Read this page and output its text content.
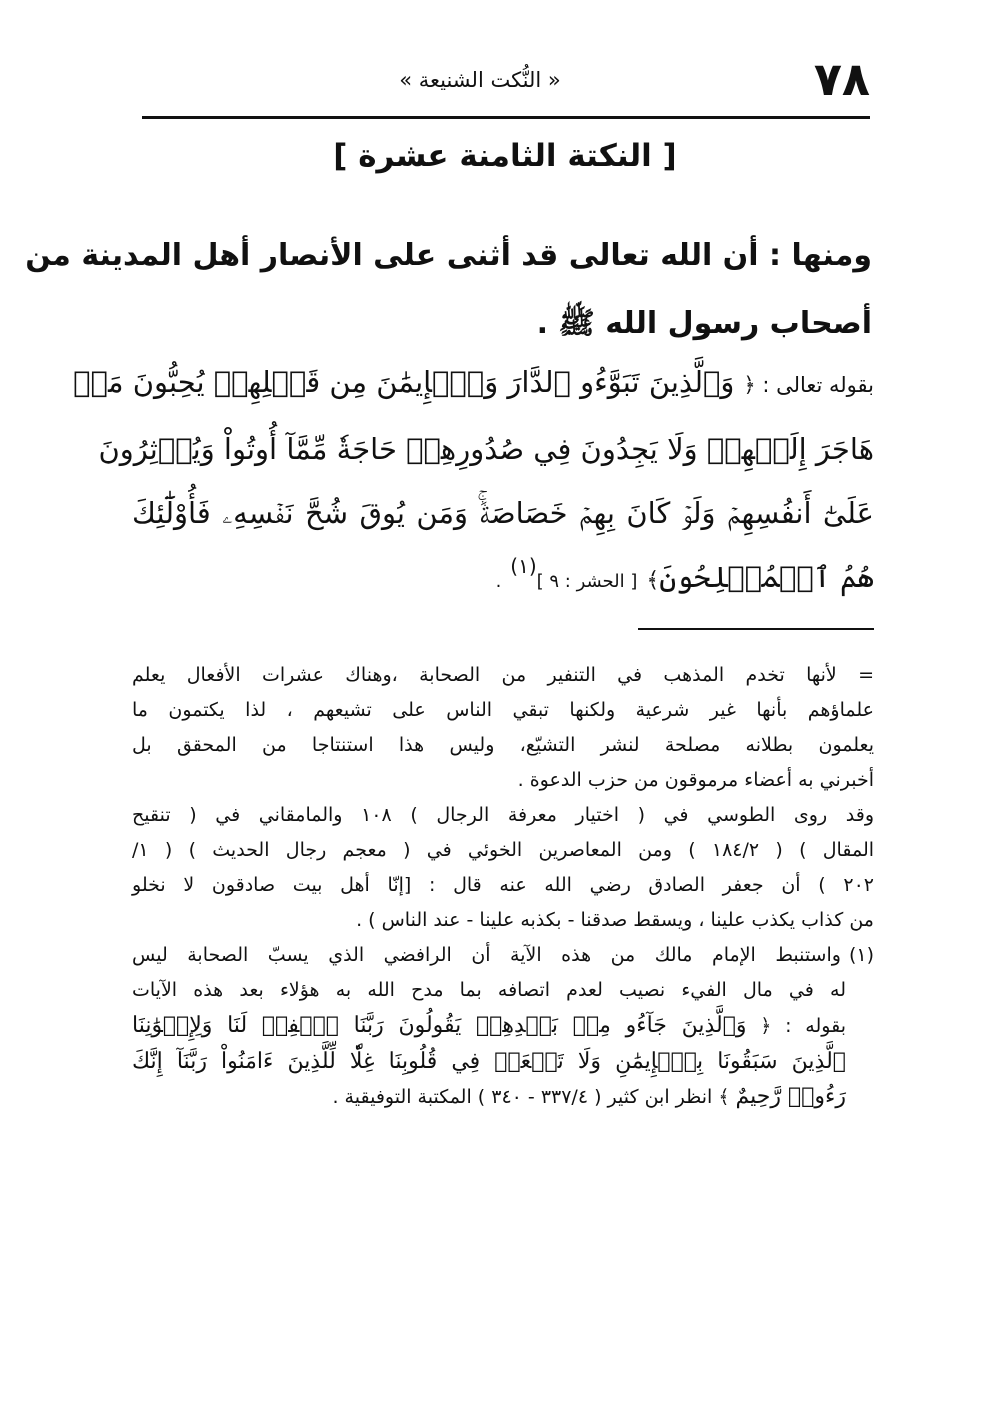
٧٨
« النُّكت الشنيعة »
[ النكتة الثامنة عشرة ]
ومنها : أن الله تعالى قد أثنى على الأنصار أهل المدينة من
أصحاب رسول الله ﷺ .
بقوله تعالى : ﴿ وَٱلَّذِينَ تَبَوَّءُو ٱلدَّارَ وَٱلۡإِيمَٰنَ مِن قَبۡلِهِمۡ يُحِبُّونَ مَنۡ
هَاجَرَ إِلَيۡهِمۡ وَلَا يَجِدُونَ فِي صُدُورِهِمۡ حَاجَةٗ مِّمَّآ أُوتُواْ وَيُؤۡثِرُونَ
عَلَىٰٓ أَنفُسِهِمۡ وَلَوۡ كَانَ بِهِمۡ خَصَاصَةٞۚ وَمَن يُوقَ شُحَّ نَفۡسِهِۦ فَأُوْلَٰٓئِكَ
هُمُ ٱلۡمُفۡلِحُونَ﴾ [ الحشر : ٩ ]$^{(١)}$ .
= لأنها تخدم المذهب في التنفير من الصحابة ،وهناك عشرات الأفعال يعلم
علماؤهم بأنها غير شرعية ولكنها تبقي الناس على تشيعهم ، لذا يكتمون ما
يعلمون بطلانه مصلحة لنشر التشيّع، وليس هذا استنتاجا من المحقق بل
أخبرني به أعضاء مرموقون من حزب الدعوة .
وقد روى الطوسي في ( اختيار معرفة الرجال ) ١٠٨ والمامقاني في ( تنقيح
المقال ) ( ١٨٤/٢ ) ومن المعاصرين الخوئي في ( معجم رجال الحديث ) ( ١/
٢٠٢ ) أن جعفر الصادق رضي الله عنه قال : [إنّا أهل بيت صادقون لا نخلو
من كذاب يكذب علينا ، ويسقط صدقنا - بكذبه علينا - عند الناس ) .
(١)واستنبط الإمام مالك من هذه الآية أن الرافضي الذي يسبّ الصحابة ليس
له في مال الفيء نصيب لعدم اتصافه بما مدح الله به هؤلاء بعد هذه الآيات
بقوله : ﴿ وَٱلَّذِينَ جَآءُو مِنۢ بَعۡدِهِمۡ يَقُولُونَ رَبَّنَا ٱغۡفِرۡ لَنَا وَلِإِخۡوَٰنِنَا
ٱلَّذِينَ سَبَقُونَا بِٱلۡإِيمَٰنِ وَلَا تَجۡعَلۡ فِي قُلُوبِنَا غِلّٗا لِّلَّذِينَ ءَامَنُواْ رَبَّنَآ إِنَّكَ
رَءُوفٞ رَّحِيمٌ ﴾ انظر ابن كثير ( ٣٣٧/٤ - ٣٤٠ ) المكتبة التوفيقية .
